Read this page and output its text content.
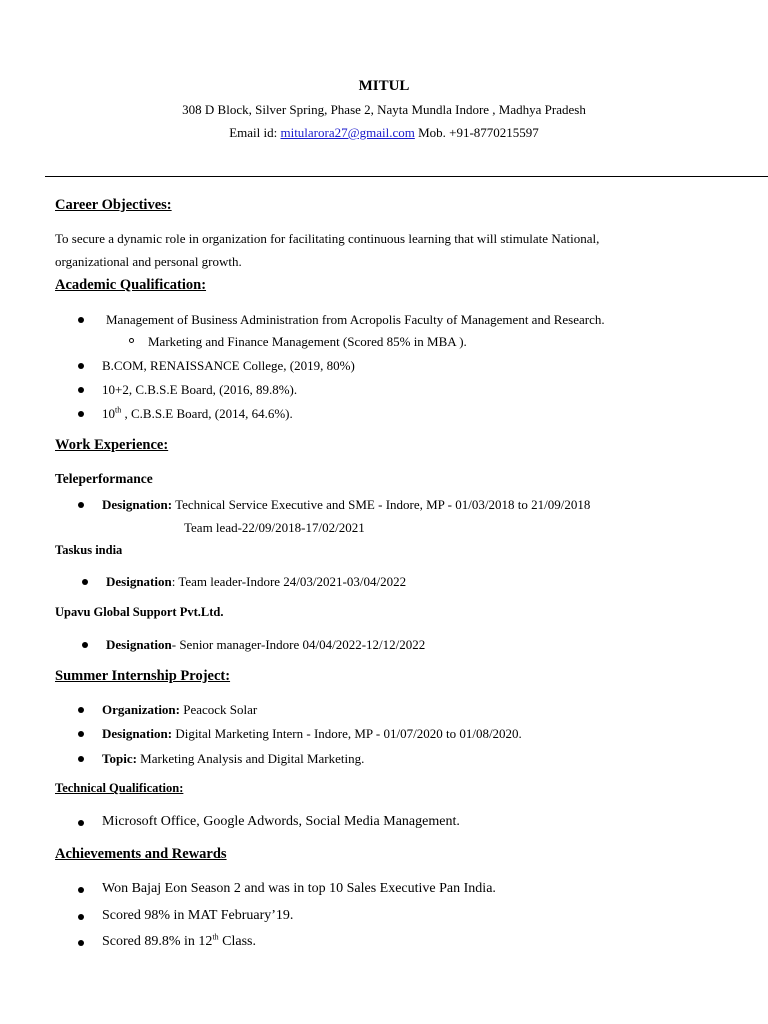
MITUL
308 D Block, Silver Spring, Phase 2, Nayta Mundla Indore , Madhya Pradesh
Email id: mitularora27@gmail.com Mob. +91-8770215597
Career Objectives:
To secure a dynamic role in organization for facilitating continuous learning that will stimulate National,
organizational and personal growth.
Academic Qualification:
Management of Business Administration from Acropolis Faculty of Management and Research.
Marketing and Finance Management (Scored 85% in MBA ).
B.COM, RENAISSANCE College, (2019, 80%)
10+2, C.B.S.E Board, (2016, 89.8%).
10th , C.B.S.E Board, (2014, 64.6%).
Work Experience:
Teleperformance
Designation: Technical Service Executive and SME - Indore, MP - 01/03/2018 to 21/09/2018
Team lead-22/09/2018-17/02/2021
Taskus india
Designation: Team leader-Indore 24/03/2021-03/04/2022
Upavu Global Support Pvt.Ltd.
Designation- Senior manager-Indore 04/04/2022-12/12/2022
Summer Internship Project:
Organization: Peacock Solar
Designation: Digital Marketing Intern - Indore, MP - 01/07/2020 to 01/08/2020.
Topic: Marketing Analysis and Digital Marketing.
Technical Qualification:
Microsoft Office, Google Adwords, Social Media Management.
Achievements and Rewards
Won Bajaj Eon Season 2 and was in top 10 Sales Executive Pan India.
Scored 98% in MAT February’19.
Scored 89.8% in 12th Class.
